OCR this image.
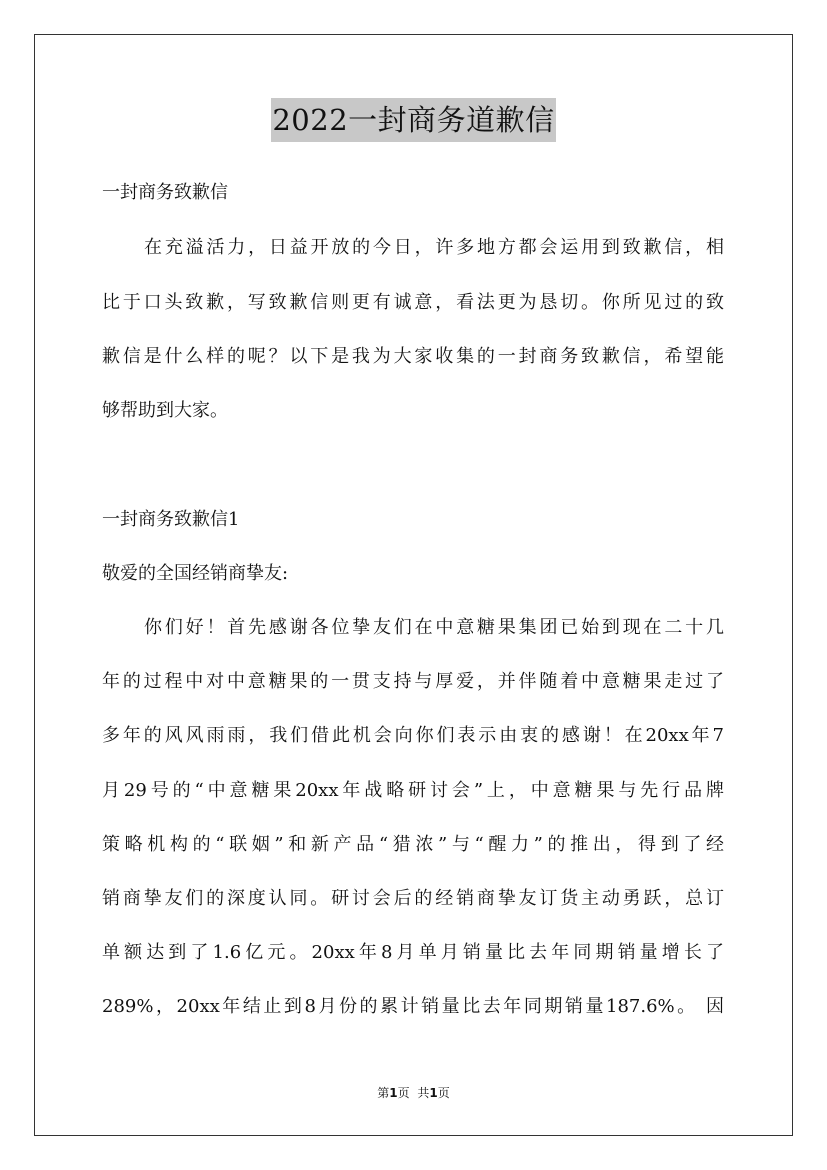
2022一封商务道歉信
一封商务致歉信
在充溢活力，日益开放的今日，许多地方都会运用到致歉信，相
比于口头致歉，写致歉信则更有诚意，看法更为恳切。你所见过的致
歉信是什么样的呢？以下是我为大家收集的一封商务致歉信，希望能
够帮助到大家。
一封商务致歉信1
敬爱的全国经销商挚友:
你们好！首先感谢各位挚友们在中意糖果集团已始到现在二十几
年的过程中对中意糖果的一贯支持与厚爱，并伴随着中意糖果走过了
多年的风风雨雨，我们借此机会向你们表示由衷的感谢！在20xx年7
月29号的“中意糖果20xx年战略研讨会”上，中意糖果与先行品牌
策略机构的“联姻”和新产品“猎浓”与“醒力”的推出，得到了经
销商挚友们的深度认同。研讨会后的经销商挚友订货主动勇跃，总订
单额达到了1.6亿元。20xx年8月单月销量比去年同期销量增长了
289%，20xx年结止到8月份的累计销量比去年同期销量187.6%。 因
第1页 共1页
